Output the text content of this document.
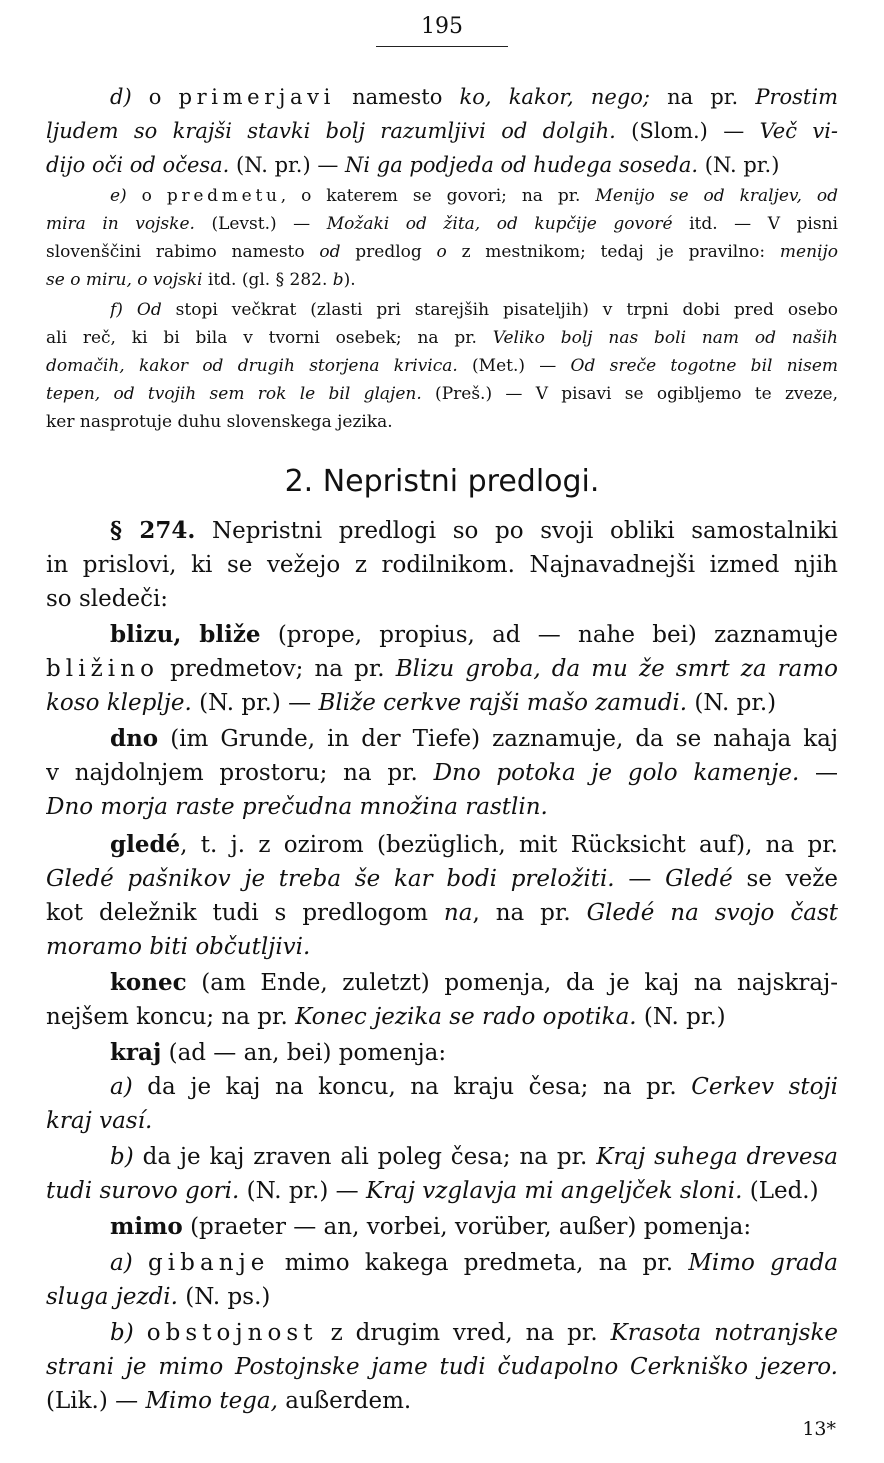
195
d) o primerjavi namesto ko, kakor, nego; na pr. Prostim
ljudem so krajši stavki bolj razumljivi od dolgih. (Slom.) — Več vi-
dijo oči od očesa. (N. pr.) — Ni ga podjeda od hudega soseda. (N. pr.)
e) o predmetu, o katerem se govori; na pr. Menijo se od kraljev, od
mira in vojske. (Levst.) — Možaki od žita, od kupčije govoré itd. — V pisni
slovenščini rabimo namesto od predlog o z mestnikom; tedaj je pravilno: menijo
se o miru, o vojski itd. (gl. § 282. b).
f) Od stopi večkrat (zlasti pri starejših pisateljih) v trpni dobi pred osebo
ali reč, ki bi bila v tvorni osebek; na pr. Veliko bolj nas boli nam od naših
domačih, kakor od drugih storjena krivica. (Met.) — Od sreče togotne bil nisem
tepen, od tvojih sem rok le bil glajen. (Preš.) — V pisavi se ogibljemo te zveze,
ker nasprotuje duhu slovenskega jezika.
2. Nepristni predlogi.
§ 274. Nepristni predlogi so po svoji obliki samostalniki
in prislovi, ki se vežejo z rodilnikom. Najnavadnejši izmed njih
so sledeči:
blizu, bliže (prope, propius, ad — nahe bei) zaznamuje
bližino predmetov; na pr. Blizu groba, da mu že smrt za ramo
koso kleplje. (N. pr.) — Bliže cerkve rajši mašo zamudi. (N. pr.)
dno (im Grunde, in der Tiefe) zaznamuje, da se nahaja kaj
v najdolnjem prostoru; na pr. Dno potoka je golo kamenje. —
Dno morja raste prečudna množina rastlin.
gledé, t. j. z ozirom (bezüglich, mit Rücksicht auf), na pr.
Gledé pašnikov je treba še kar bodi preložiti. — Gledé se veže
kot deležnik tudi s predlogom na, na pr. Gledé na svojo čast
moramo biti občutljivi.
konec (am Ende, zuletzt) pomenja, da je kaj na najskraj-
nejšem koncu; na pr. Konec jezika se rado opotika. (N. pr.)
kraj (ad — an, bei) pomenja:
a) da je kaj na koncu, na kraju česa; na pr. Cerkev stoji
kraj vasí.
b) da je kaj zraven ali poleg česa; na pr. Kraj suhega drevesa
tudi surovo gori. (N. pr.) — Kraj vzglavja mi angeljček sloni. (Led.)
mimo (praeter — an, vorbei, vorüber, außer) pomenja:
a) gibanje mimo kakega predmeta, na pr. Mimo grada
sluga jezdi. (N. ps.)
b) obstojnost z drugim vred, na pr. Krasota notranjske
strani je mimo Postojnske jame tudi čudapolno Cerkniško jezero.
(Lik.) — Mimo tega, außerdem.
13*
